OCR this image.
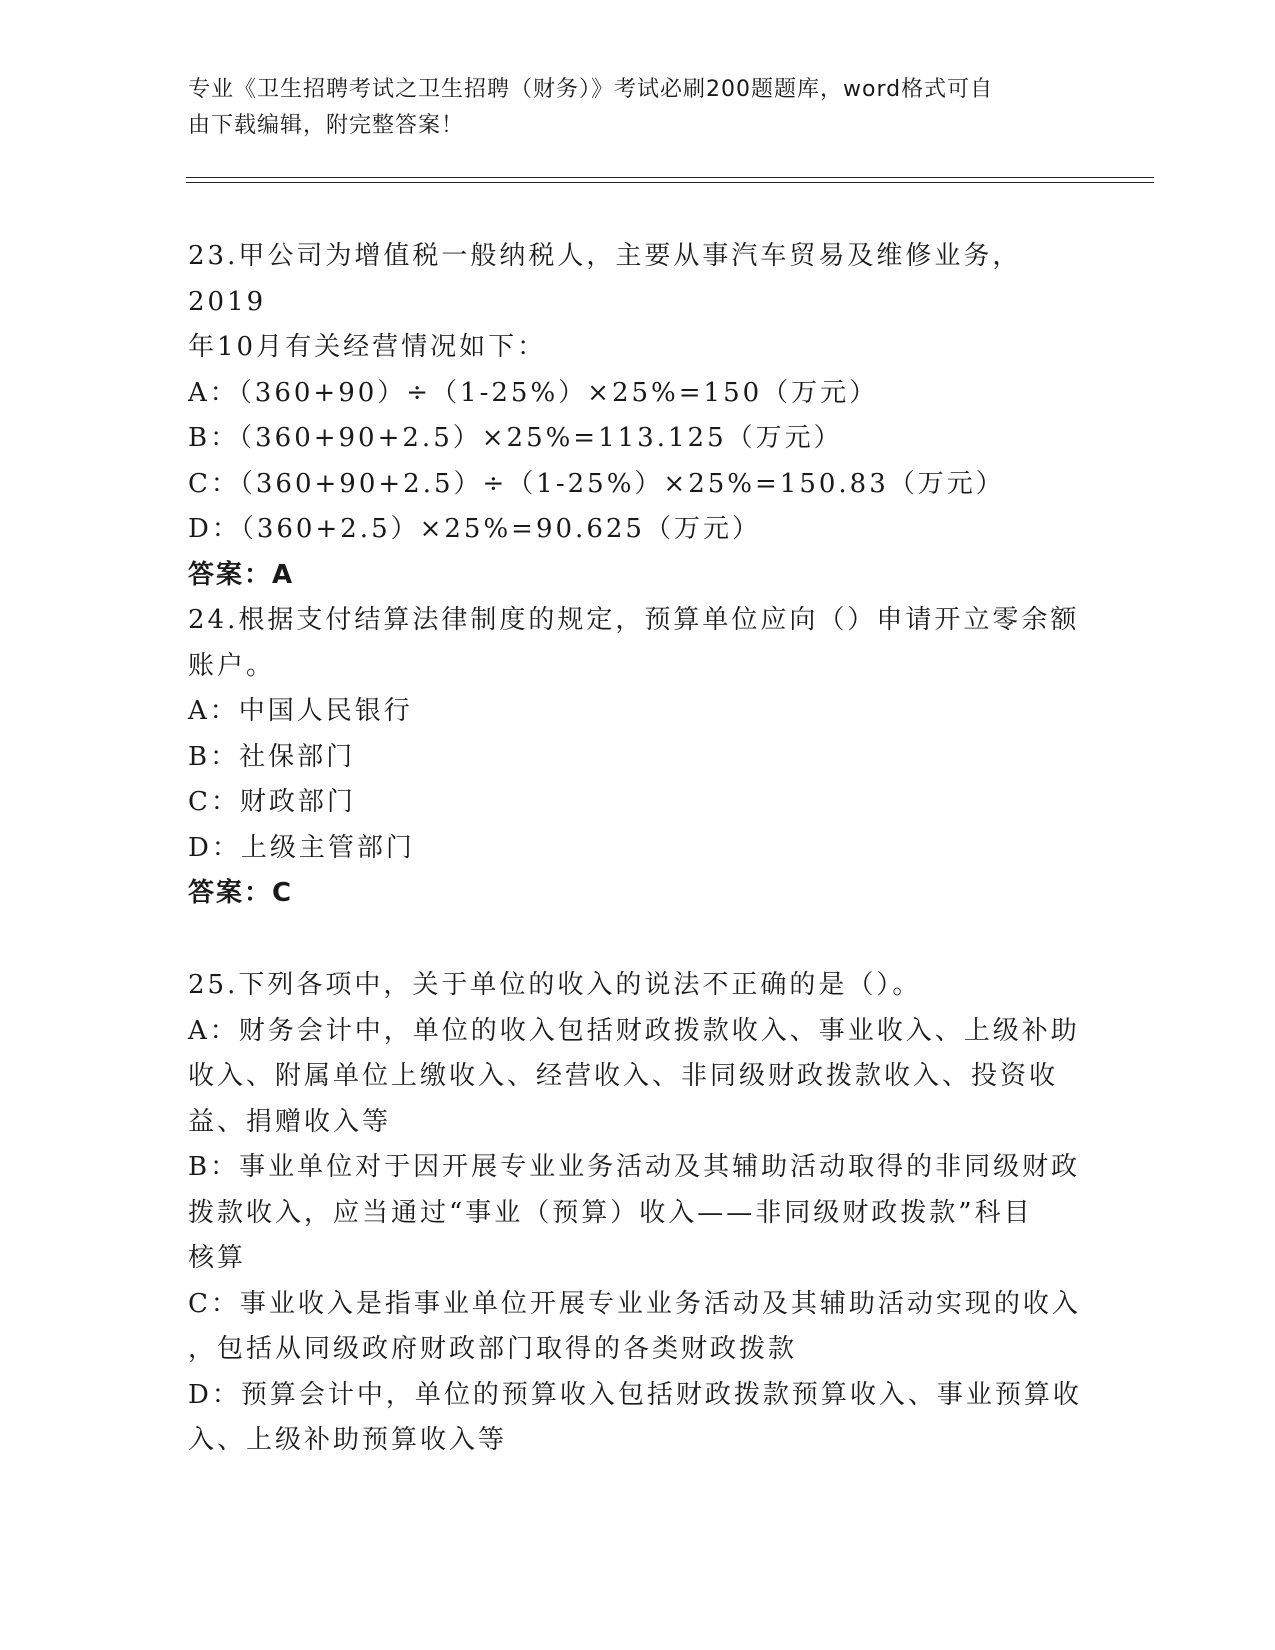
专业《卫生招聘考试之卫生招聘（财务）》考试必刷200题题库，word格式可自
由下载编辑，附完整答案！
23.甲公司为增值税一般纳税人，主要从事汽车贸易及维修业务，2019
年10月有关经营情况如下：
A：（360+90）÷（1-25%）×25%=150（万元）
B：（360+90+2.5）×25%=113.125（万元）
C：（360+90+2.5）÷（1-25%）×25%=150.83（万元）
D：（360+2.5）×25%=90.625（万元）
答案：A
24.根据支付结算法律制度的规定，预算单位应向（）申请开立零余额
账户。
A：中国人民银行
B：社保部门
C：财政部门
D：上级主管部门
答案：C
25.下列各项中，关于单位的收入的说法不正确的是（）。
A：财务会计中，单位的收入包括财政拨款收入、事业收入、上级补助
收入、附属单位上缴收入、经营收入、非同级财政拨款收入、投资收
益、捐赠收入等
B：事业单位对于因开展专业业务活动及其辅助活动取得的非同级财政
拨款收入，应当通过“事业（预算）收入——非同级财政拨款”科目
核算
C：事业收入是指事业单位开展专业业务活动及其辅助活动实现的收入
，包括从同级政府财政部门取得的各类财政拨款
D：预算会计中，单位的预算收入包括财政拨款预算收入、事业预算收
入、上级补助预算收入等
